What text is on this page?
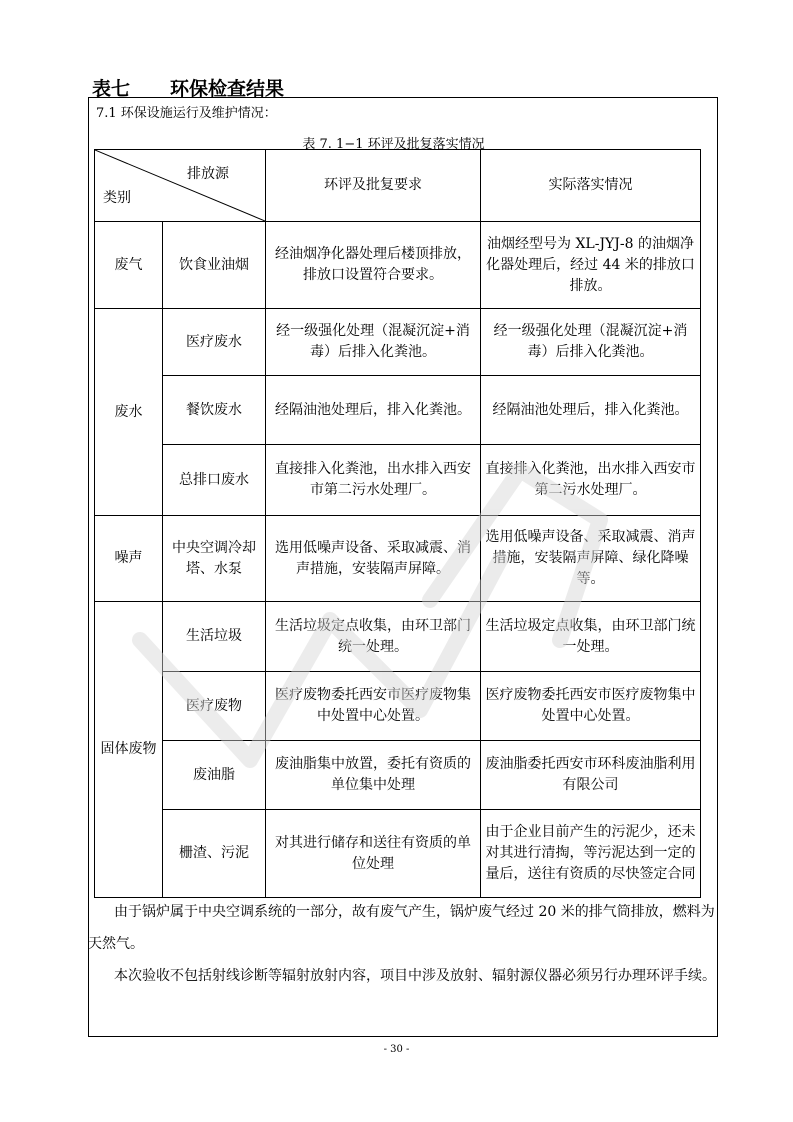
表七 环保检查结果
7.1 环保设施运行及维护情况：
表 7. 1−1 环评及批复落实情况
排放源
类别		环评及批复要求	实际落实情况
废气	饮食业油烟	经油烟净化器处理后楼顶排放，排放口设置符合要求。	油烟经型号为 XL-JYJ-8 的油烟净化器处理后，经过 44 米的排放口排放。
废水	医疗废水	经一级强化处理（混凝沉淀+消毒）后排入化粪池。	经一级强化处理（混凝沉淀+消毒）后排入化粪池。
	餐饮废水	经隔油池处理后，排入化粪池。	经隔油池处理后，排入化粪池。
	总排口废水	直接排入化粪池，出水排入西安市第二污水处理厂。	直接排入化粪池，出水排入西安市第二污水处理厂。
噪声	中央空调冷却塔、水泵	选用低噪声设备、采取减震、消声措施，安装隔声屏障。	选用低噪声设备、采取减震、消声措施，安装隔声屏障、绿化降噪等。
固体废物	生活垃圾	生活垃圾定点收集，由环卫部门统一处理。	生活垃圾定点收集，由环卫部门统一处理。
	医疗废物	医疗废物委托西安市医疗废物集中处置中心处置。	医疗废物委托西安市医疗废物集中处置中心处置。
	废油脂	废油脂集中放置，委托有资质的单位集中处理	废油脂委托西安市环科废油脂利用有限公司
	栅渣、污泥	对其进行储存和送往有资质的单位处理	由于企业目前产生的污泥少，还未对其进行清掏，等污泥达到一定的量后，送往有资质的尽快签定合同
由于锅炉属于中央空调系统的一部分，故有废气产生，锅炉废气经过 20 米的排气筒排放，燃料为天然气。
本次验收不包括射线诊断等辐射放射内容，项目中涉及放射、辐射源仪器必须另行办理环评手续。
- 30 -
